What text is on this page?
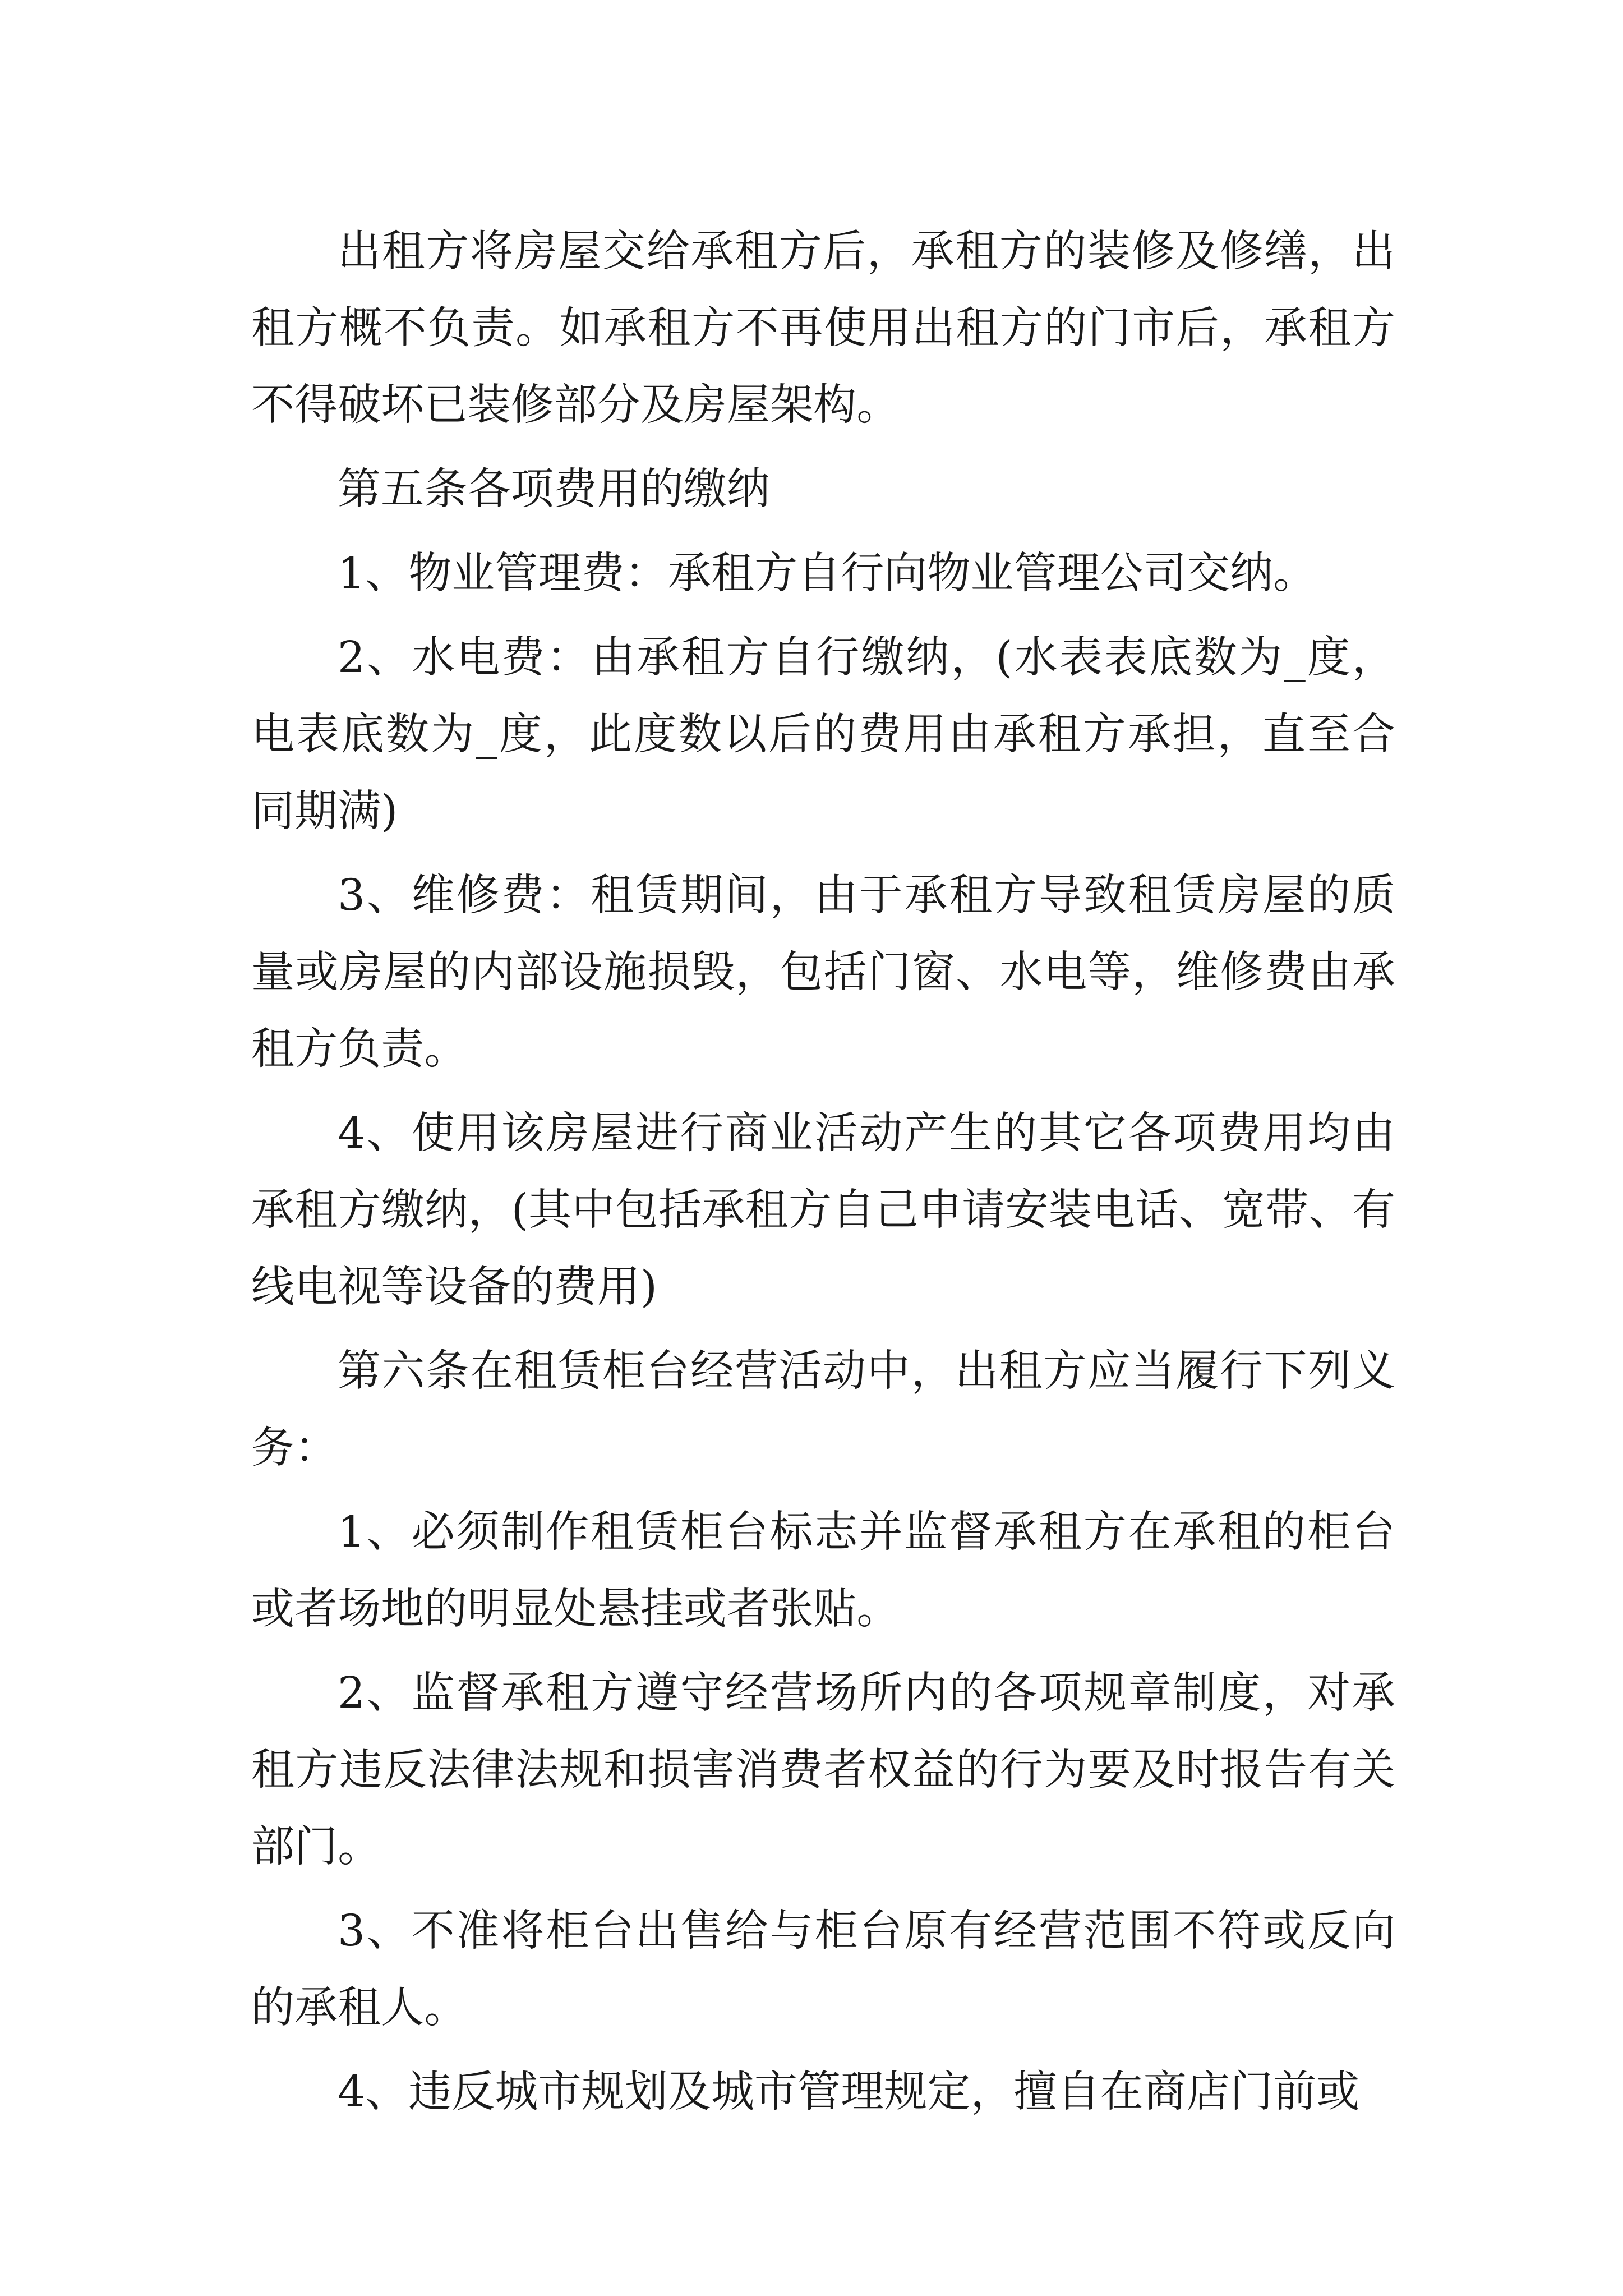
出租方将房屋交给承租方后，承租方的装修及修缮，出租方概不负责。如承租方不再使用出租方的门市后，承租方不得破坏已装修部分及房屋架构。

第五条各项费用的缴纳

1、物业管理费：承租方自行向物业管理公司交纳。

2、水电费：由承租方自行缴纳，(水表表底数为_度，电表底数为_度，此度数以后的费用由承租方承担，直至合同期满)

3、维修费：租赁期间，由于承租方导致租赁房屋的质量或房屋的内部设施损毁，包括门窗、水电等，维修费由承租方负责。

4、使用该房屋进行商业活动产生的其它各项费用均由承租方缴纳，(其中包括承租方自己申请安装电话、宽带、有线电视等设备的费用)

第六条在租赁柜台经营活动中，出租方应当履行下列义务：

1、必须制作租赁柜台标志并监督承租方在承租的柜台或者场地的明显处悬挂或者张贴。

2、监督承租方遵守经营场所内的各项规章制度，对承租方违反法律法规和损害消费者权益的行为要及时报告有关部门。

3、不准将柜台出售给与柜台原有经营范围不符或反向的承租人。

4、违反城市规划及城市管理规定，擅自在商店门前或
